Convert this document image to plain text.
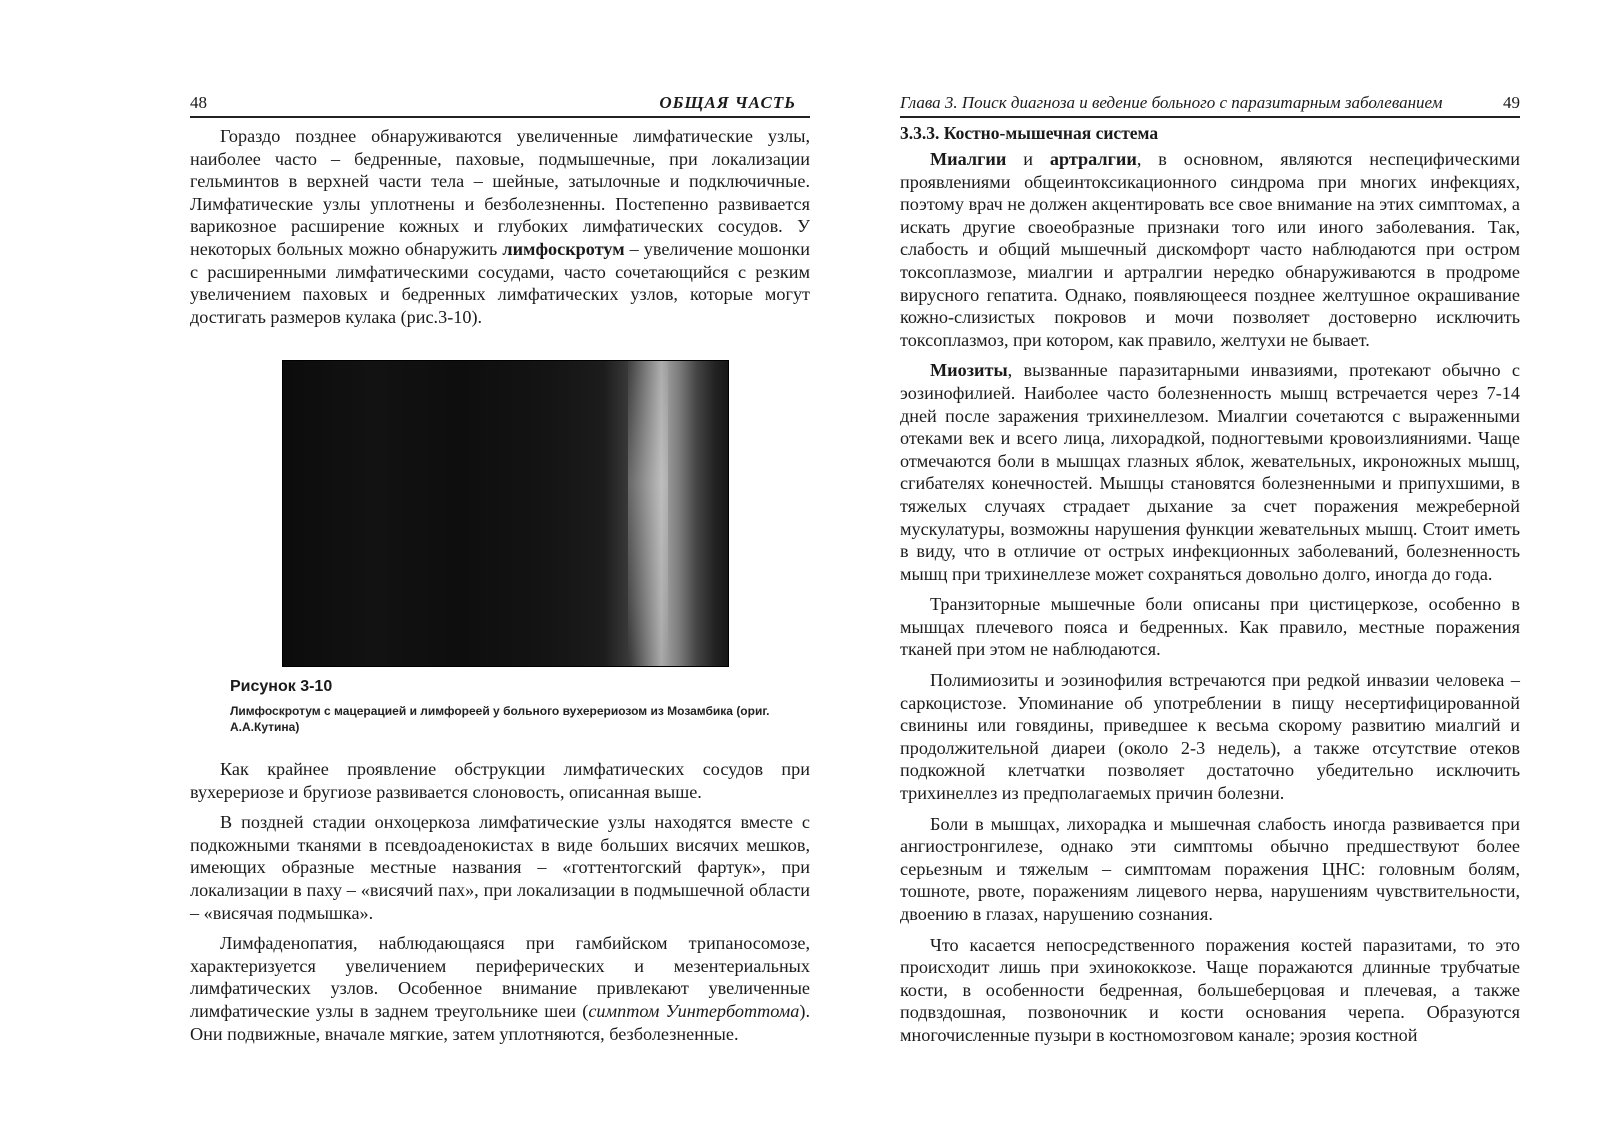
48	ОБЩАЯ ЧАСТЬ

Гораздо позднее обнаруживаются увеличенные лимфатические узлы, наиболее часто – бедренные, паховые, подмышечные, при локализации гельминтов в верхней части тела – шейные, затылочные и подключичные. Лимфатические узлы уплотнены и безболезненны. Постепенно развивается варикозное расширение кожных и глубоких лимфатических сосудов. У некоторых больных можно обнаружить лимфоскротум – увеличение мошонки с расширенными лимфатическими сосудами, часто сочетающийся с резким увеличением паховых и бедренных лимфатических узлов, которые могут достигать размеров кулака (рис.3-10).

Рисунок 3-10
Лимфоскротум с мацерацией и лимфореей у больного вухерериозом из Мозамбика (ориг. А.А.Кутина)

Как крайнее проявление обструкции лимфатических сосудов при вухерериозе и бругиозе развивается слоновость, описанная выше.

В поздней стадии онхоцеркоза лимфатические узлы находятся вместе с подкожными тканями в псевдоаденокистах в виде больших висячих мешков, имеющих образные местные названия – «готтентогский фартук», при локализации в паху – «висячий пах», при локализации в подмышечной области – «висячая подмышка».

Лимфаденопатия, наблюдающаяся при гамбийском трипаносомозе, характеризуется увеличением периферических и мезентериальных лимфатических узлов. Особенное внимание привлекают увеличенные лимфатические узлы в заднем треугольнике шеи (симптом Уинтерботтома). Они подвижные, вначале мягкие, затем уплотняются, безболезненные.

Глава 3. Поиск диагноза и ведение больного с паразитарным заболеванием	49
3.3.3. Костно-мышечная система

Миалгии и артралгии, в основном, являются неспецифическими проявлениями общеинтоксикационного синдрома при многих инфекциях, поэтому врач не должен акцентировать все свое внимание на этих симптомах, а искать другие своеобразные признаки того или иного заболевания. Так, слабость и общий мышечный дискомфорт часто наблюдаются при остром токсоплазмозе, миалгии и артралгии нередко обнаруживаются в продроме вирусного гепатита. Однако, появляющееся позднее желтушное окрашивание кожно-слизистых покровов и мочи позволяет достоверно исключить токсоплазмоз, при котором, как правило, желтухи не бывает.

Миозиты, вызванные паразитарными инвазиями, протекают обычно с эозинофилией. Наиболее часто болезненность мышц встречается через 7-14 дней после заражения трихинеллезом. Миалгии сочетаются с выраженными отеками век и всего лица, лихорадкой, подногтевыми кровоизлияниями. Чаще отмечаются боли в мышцах глазных яблок, жевательных, икроножных мышц, сгибателях конечностей. Мышцы становятся болезненными и припухшими, в тяжелых случаях страдает дыхание за счет поражения межреберной мускулатуры, возможны нарушения функции жевательных мышц. Стоит иметь в виду, что в отличие от острых инфекционных заболеваний, болезненность мышц при трихинеллезе может сохраняться довольно долго, иногда до года.

Транзиторные мышечные боли описаны при цистицеркозе, особенно в мышцах плечевого пояса и бедренных. Как правило, местные поражения тканей при этом не наблюдаются.

Полимиозиты и эозинофилия встречаются при редкой инвазии человека – саркоцистозе. Упоминание об употреблении в пищу несертифицированной свинины или говядины, приведшее к весьма скорому развитию миалгий и продолжительной диареи (около 2-3 недель), а также отсутствие отеков подкожной клетчатки позволяет достаточно убедительно исключить трихинеллез из предполагаемых причин болезни.

Боли в мышцах, лихорадка и мышечная слабость иногда развивается при ангиостронгилезе, однако эти симптомы обычно предшествуют более серьезным и тяжелым – симптомам поражения ЦНС: головным болям, тошноте, рвоте, поражениям лицевого нерва, нарушениям чувствительности, двоению в глазах, нарушению сознания.

Что касается непосредственного поражения костей паразитами, то это происходит лишь при эхинококкозе. Чаще поражаются длинные трубчатые кости, в особенности бедренная, большеберцовая и плечевая, а также подвздошная, позвоночник и кости основания черепа. Образуются многочисленные пузыри в костномозговом канале; эрозия костной
